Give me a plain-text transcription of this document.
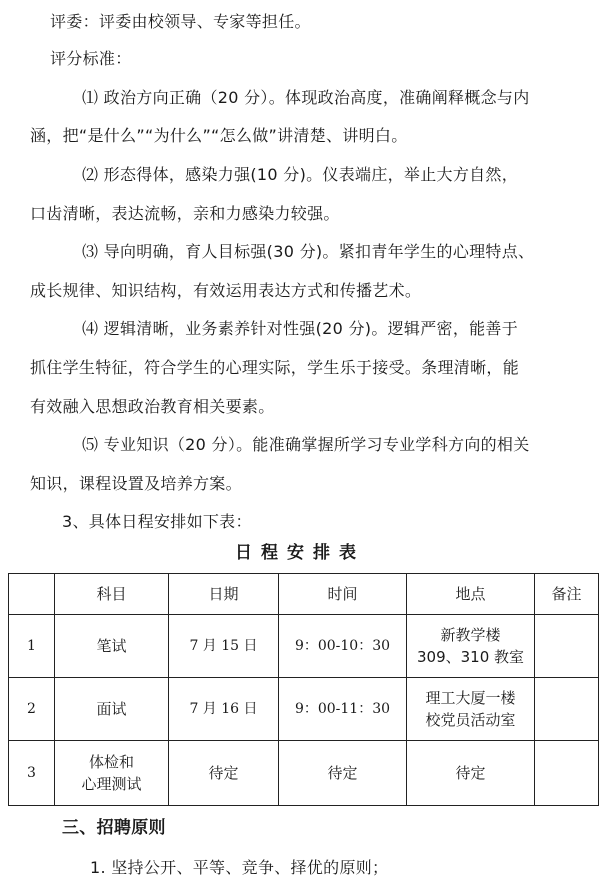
评委：评委由校领导、专家等担任。
评分标准：
⑴ 政治方向正确（20 分）。体现政治高度，准确阐释概念与内
涵，把“是什么”“为什么”“怎么做”讲清楚、讲明白。
⑵ 形态得体，感染力强(10 分)。仪表端庄，举止大方自然，
口齿清晰，表达流畅，亲和力感染力较强。
⑶ 导向明确，育人目标强(30 分)。紧扣青年学生的心理特点、
成长规律、知识结构，有效运用表达方式和传播艺术。
⑷ 逻辑清晰，业务素养针对性强(20 分)。逻辑严密，能善于
抓住学生特征，符合学生的心理实际，学生乐于接受。条理清晰，能
有效融入思想政治教育相关要素。
⑸ 专业知识（20 分）。能准确掌握所学习专业学科方向的相关
知识，课程设置及培养方案。
3、具体日程安排如下表：
日程安排表
	科目	日期	时间	地点	备注
1	笔试	7 月 15 日	9：00-10：30	新教学楼
309、310 教室	

2	面试	7 月 16 日	9：00-11：30	理工大厦一楼
校党员活动室	

3	体检和
心理测试	待定	待定	待定	
三、招聘原则
1. 坚持公开、平等、竞争、择优的原则；
